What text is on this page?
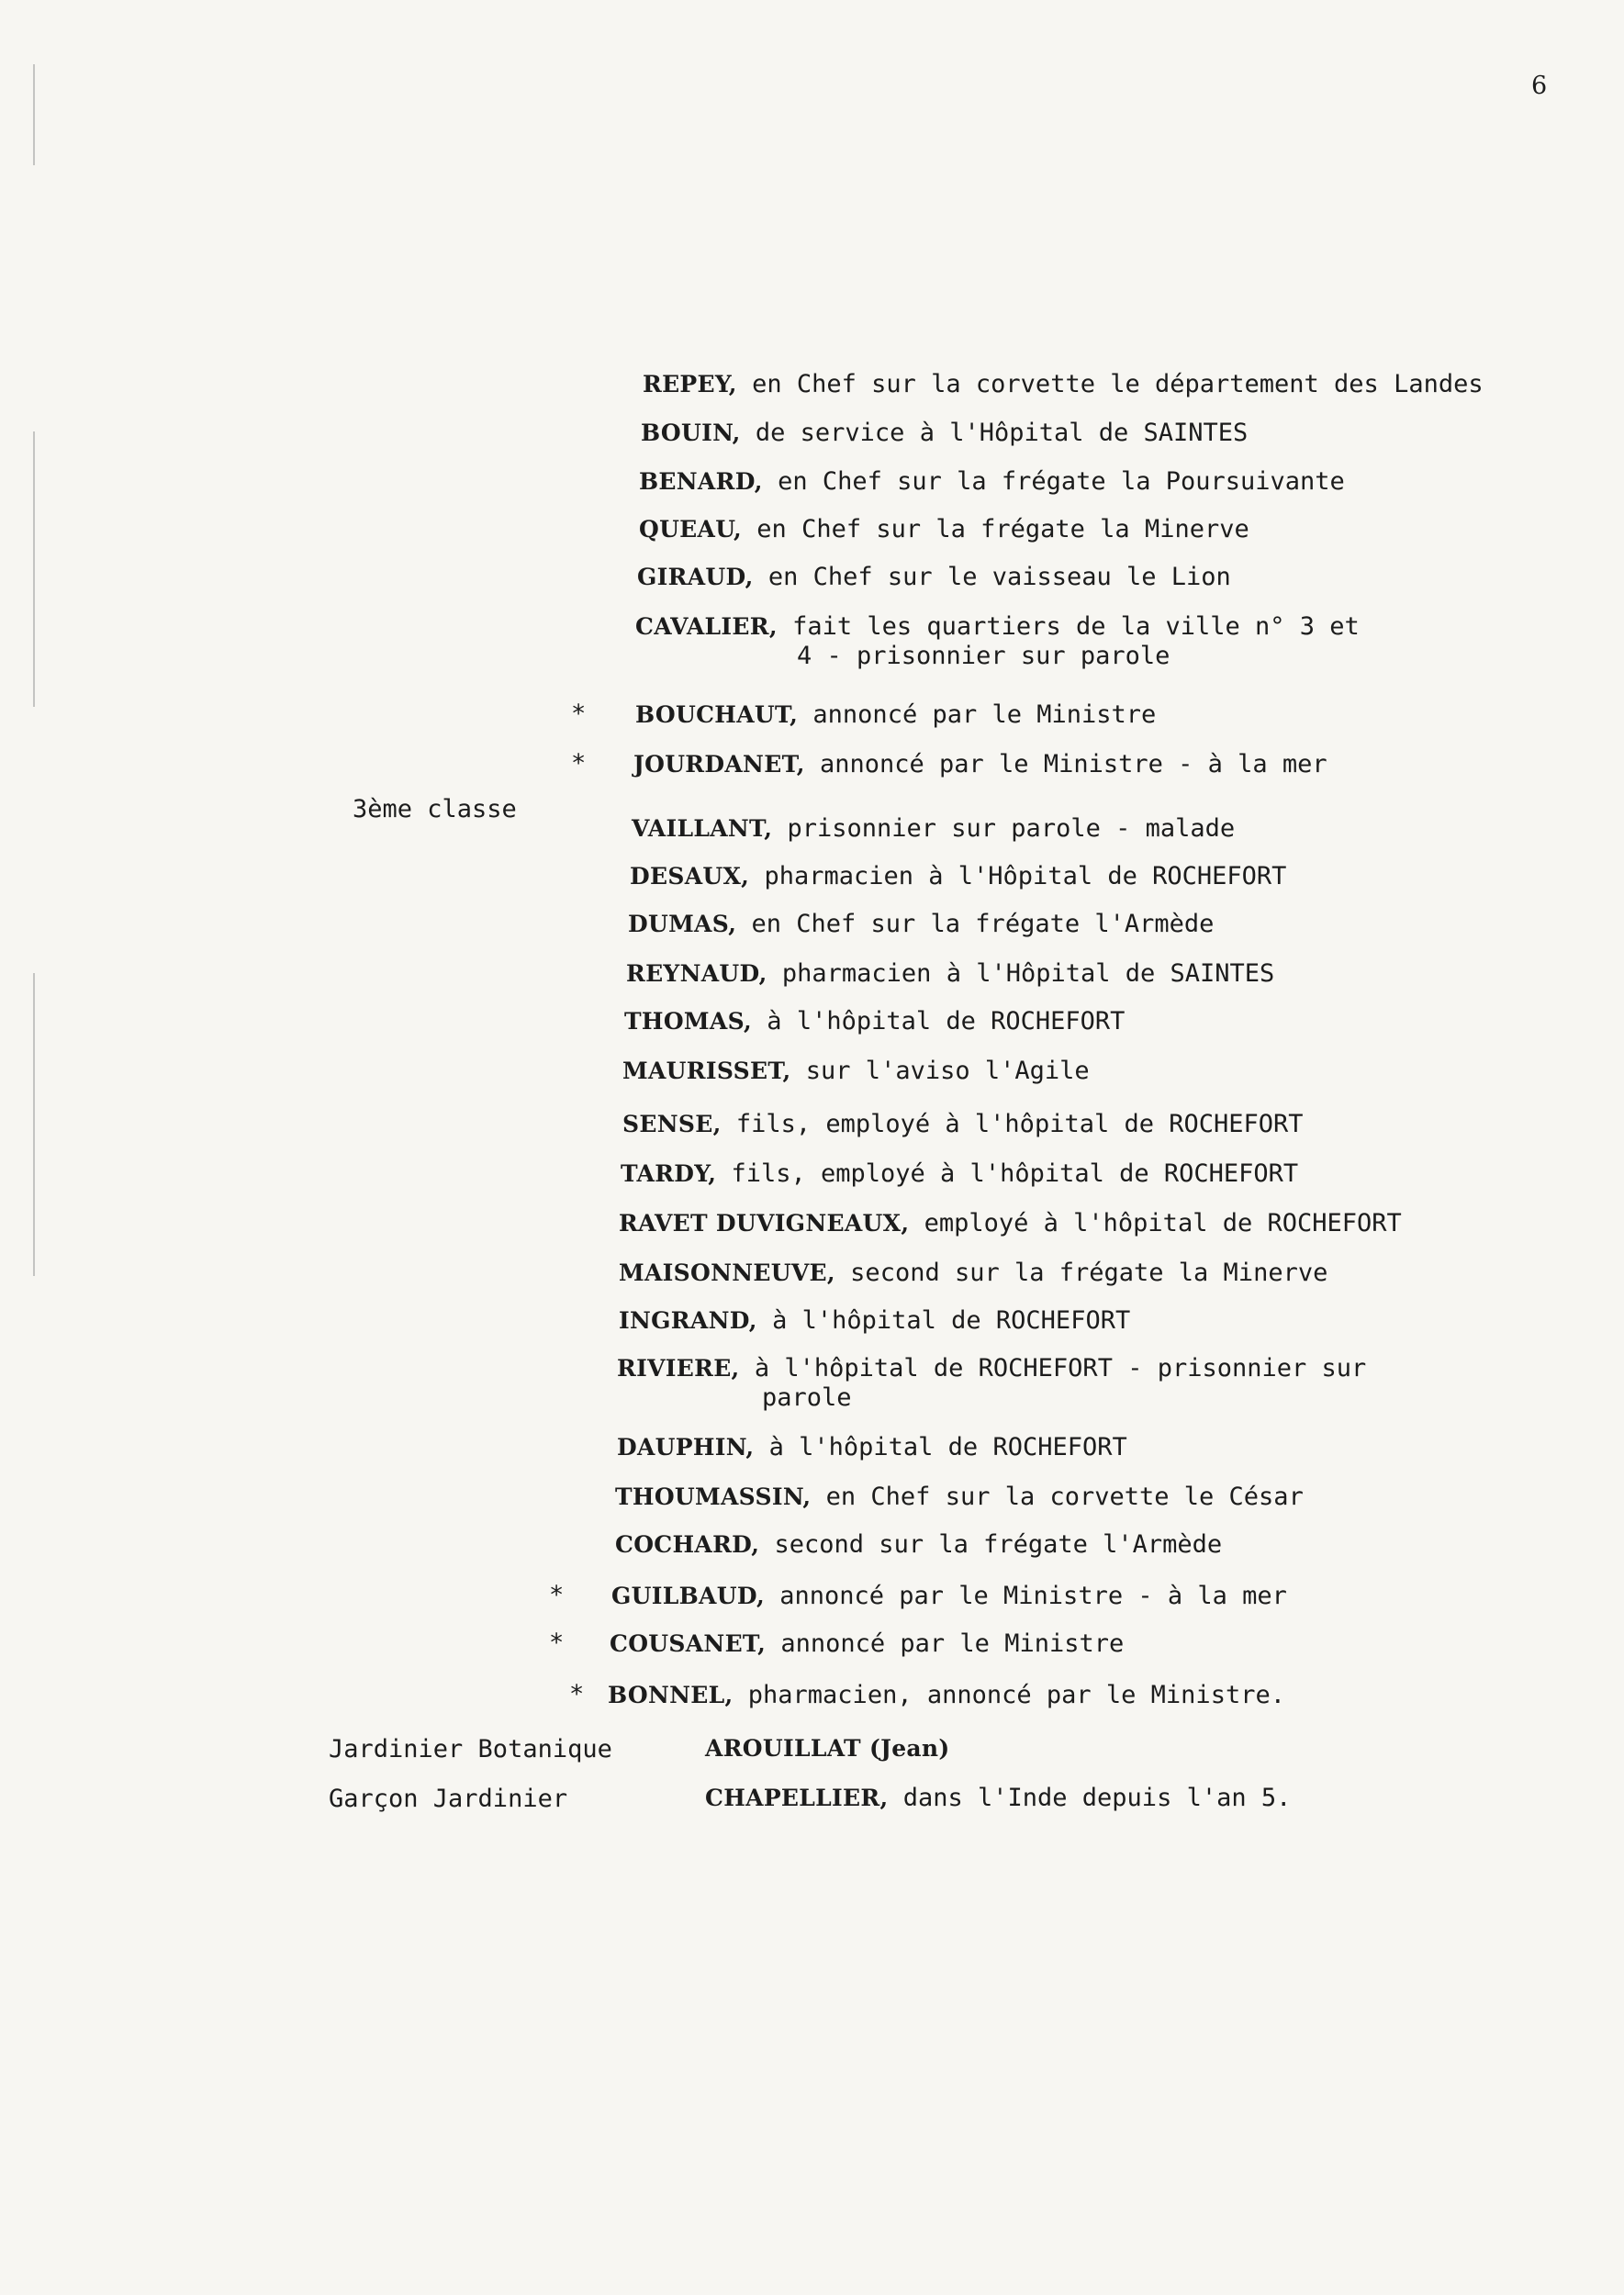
6
3ème classe
Jardinier Botanique
Garçon Jardinier
REPEY, en Chef sur la corvette le département des Landes
BOUIN, de service à l'Hôpital de SAINTES
BENARD, en Chef sur la frégate la Poursuivante
QUEAU, en Chef sur la frégate la Minerve
GIRAUD, en Chef sur le vaisseau le Lion
CAVALIER, fait les quartiers de la ville n° 3 et
4 - prisonnier sur parole
BOUCHAUT, annoncé par le Ministre
*
JOURDANET, annoncé par le Ministre - à la mer
*
VAILLANT, prisonnier sur parole - malade
DESAUX, pharmacien à l'Hôpital de ROCHEFORT
DUMAS, en Chef sur la frégate l'Armède
REYNAUD, pharmacien à l'Hôpital de SAINTES
THOMAS, à l'hôpital de ROCHEFORT
MAURISSET, sur l'aviso l'Agile
SENSE, fils, employé à l'hôpital de ROCHEFORT
TARDY, fils, employé à l'hôpital de ROCHEFORT
RAVET DUVIGNEAUX, employé à l'hôpital de ROCHEFORT
MAISONNEUVE, second sur la frégate la Minerve
INGRAND, à l'hôpital de ROCHEFORT
RIVIERE, à l'hôpital de ROCHEFORT - prisonnier sur
parole
DAUPHIN, à l'hôpital de ROCHEFORT
THOUMASSIN, en Chef sur la corvette le César
COCHARD, second sur la frégate l'Armède
GUILBAUD, annoncé par le Ministre - à la mer
*
COUSANET, annoncé par le Ministre
*
BONNEL, pharmacien, annoncé par le Ministre.
*
AROUILLAT (Jean)
CHAPELLIER, dans l'Inde depuis l'an 5.
